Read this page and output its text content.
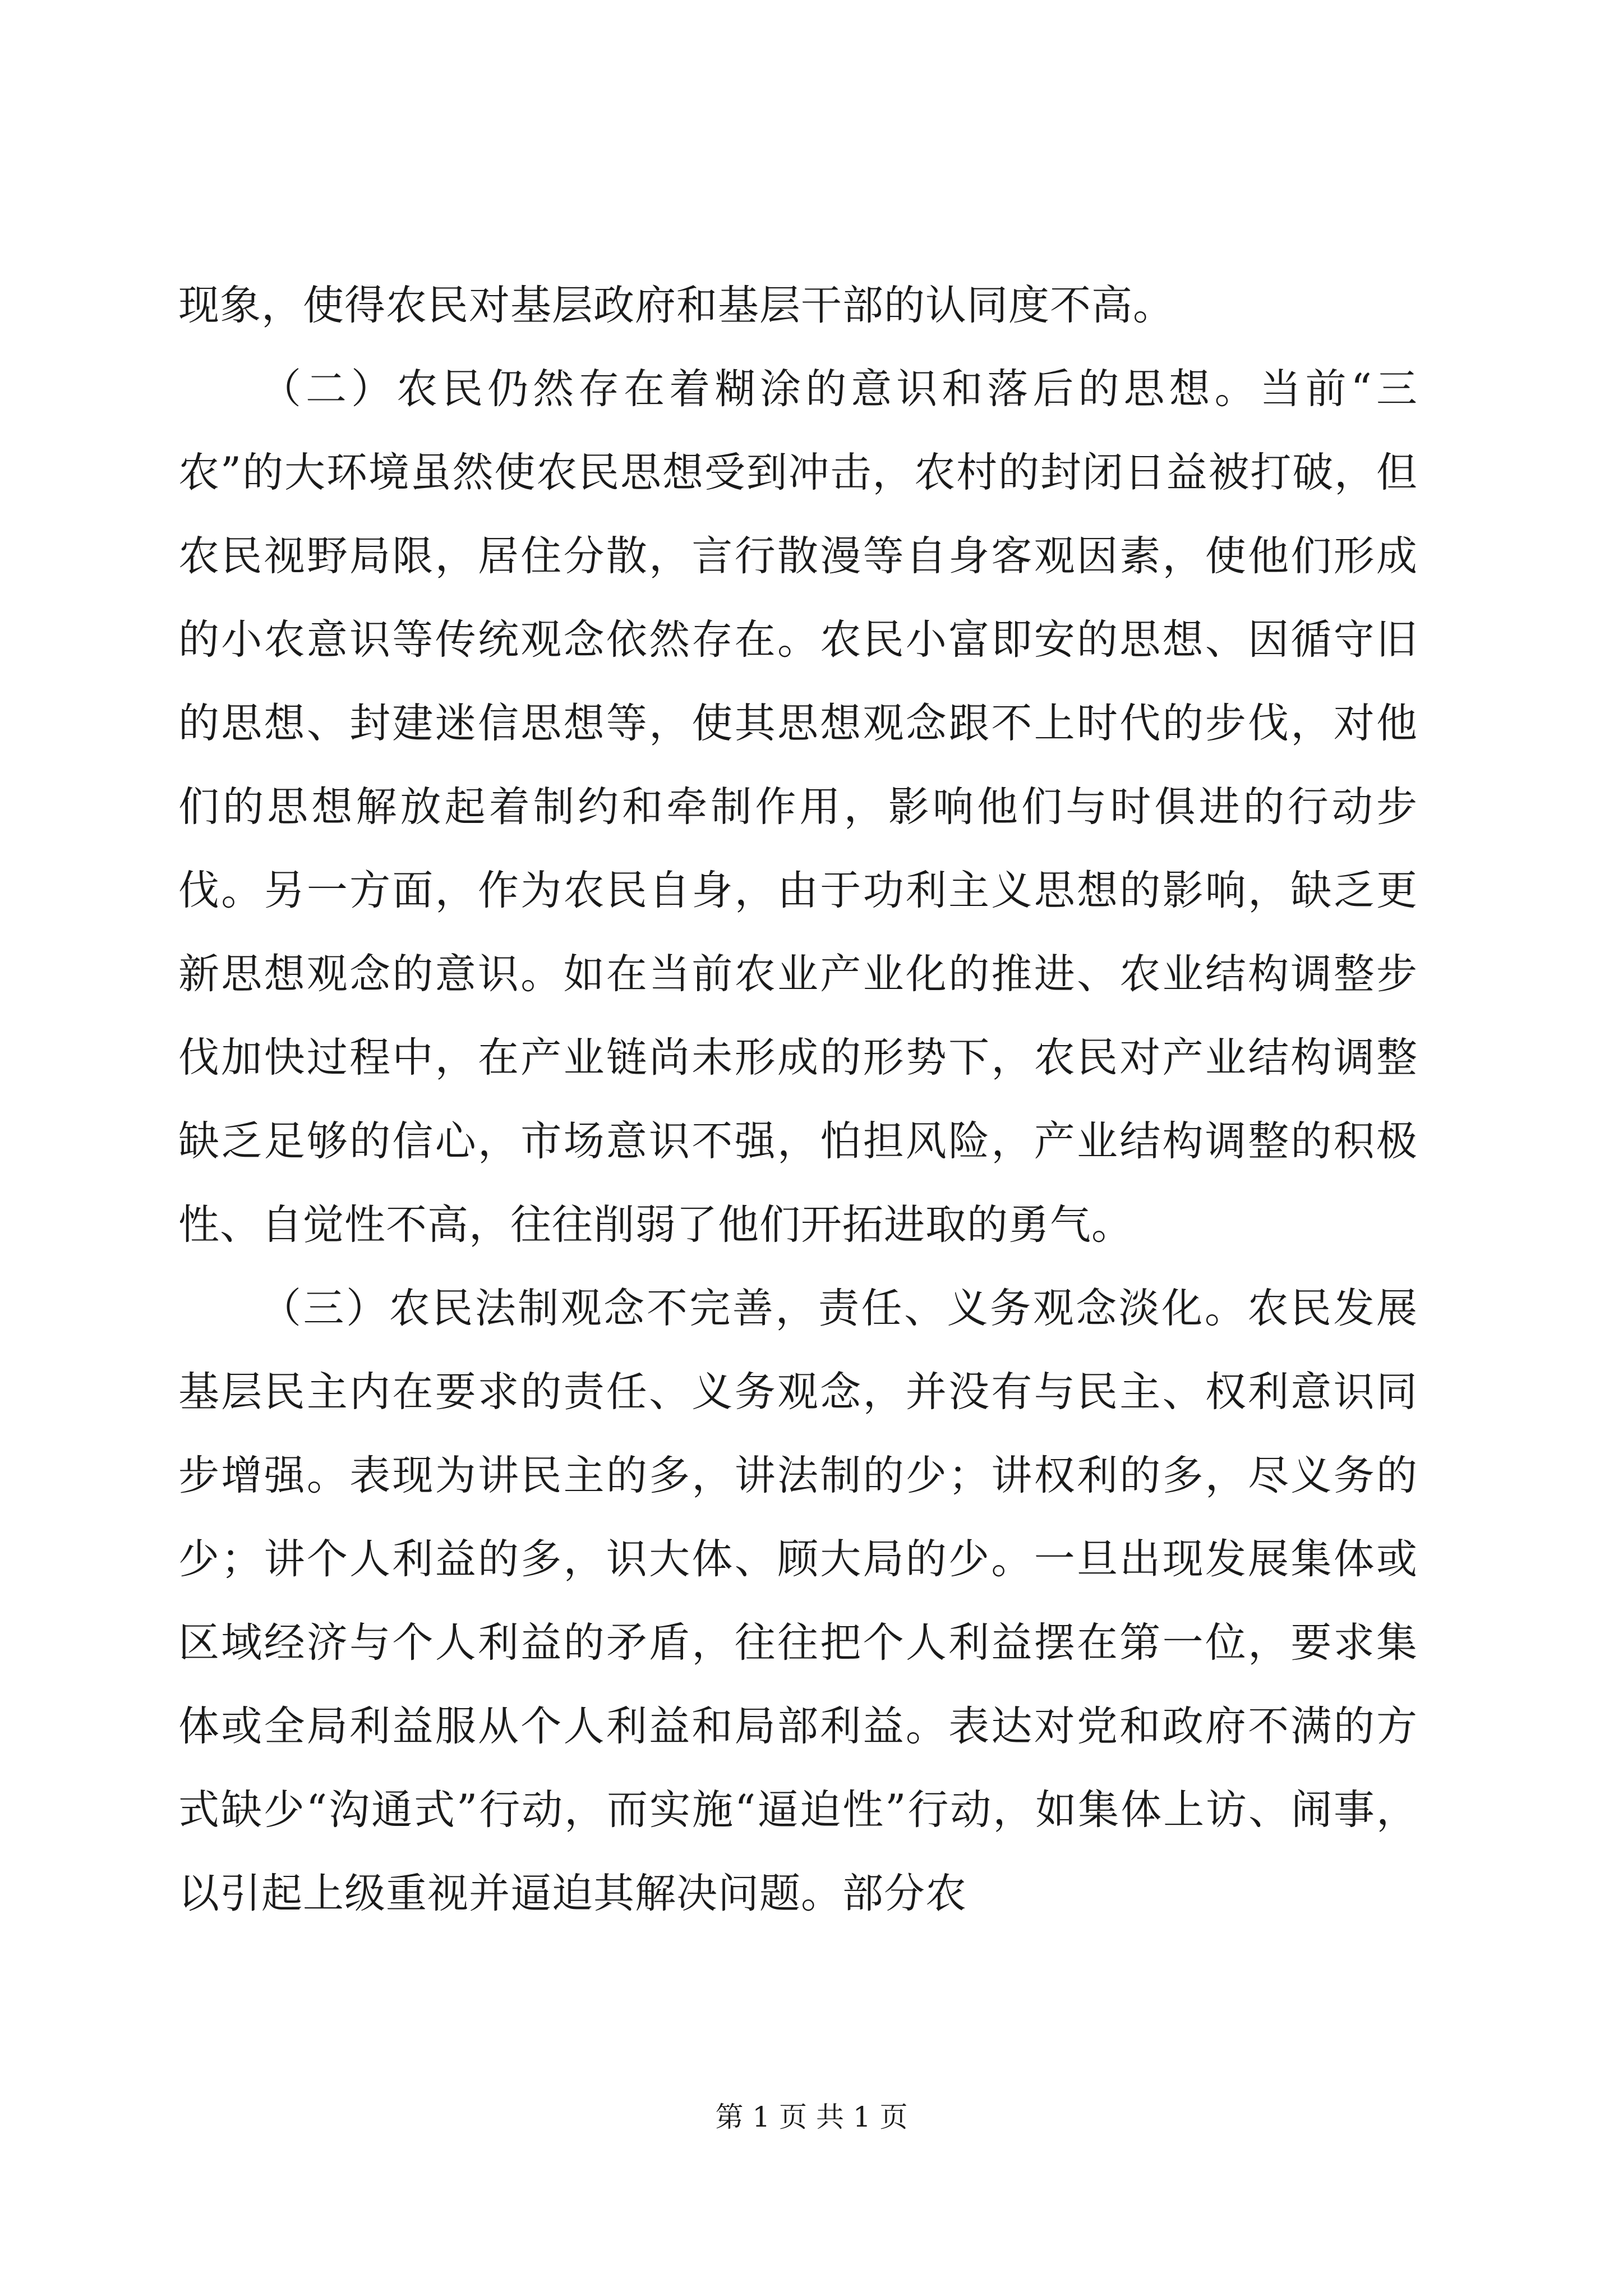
现象，使得农民对基层政府和基层干部的认同度不高。

（二）农民仍然存在着糊涂的意识和落后的思想。当前“三农”的大环境虽然使农民思想受到冲击，农村的封闭日益被打破，但农民视野局限，居住分散，言行散漫等自身客观因素，使他们形成的小农意识等传统观念依然存在。农民小富即安的思想、因循守旧的思想、封建迷信思想等，使其思想观念跟不上时代的步伐，对他们的思想解放起着制约和牵制作用，影响他们与时俱进的行动步伐。另一方面，作为农民自身，由于功利主义思想的影响，缺乏更新思想观念的意识。如在当前农业产业化的推进、农业结构调整步伐加快过程中，在产业链尚未形成的形势下，农民对产业结构调整缺乏足够的信心，市场意识不强，怕担风险，产业结构调整的积极性、自觉性不高，往往削弱了他们开拓进取的勇气。

（三）农民法制观念不完善，责任、义务观念淡化。农民发展基层民主内在要求的责任、义务观念，并没有与民主、权利意识同步增强。表现为讲民主的多，讲法制的少；讲权利的多，尽义务的少；讲个人利益的多，识大体、顾大局的少。一旦出现发展集体或区域经济与个人利益的矛盾，往往把个人利益摆在第一位，要求集体或全局利益服从个人利益和局部利益。表达对党和政府不满的方式缺少“沟通式”行动，而实施“逼迫性”行动，如集体上访、闹事，以引起上级重视并逼迫其解决问题。部分农

第 1 页 共 1 页
